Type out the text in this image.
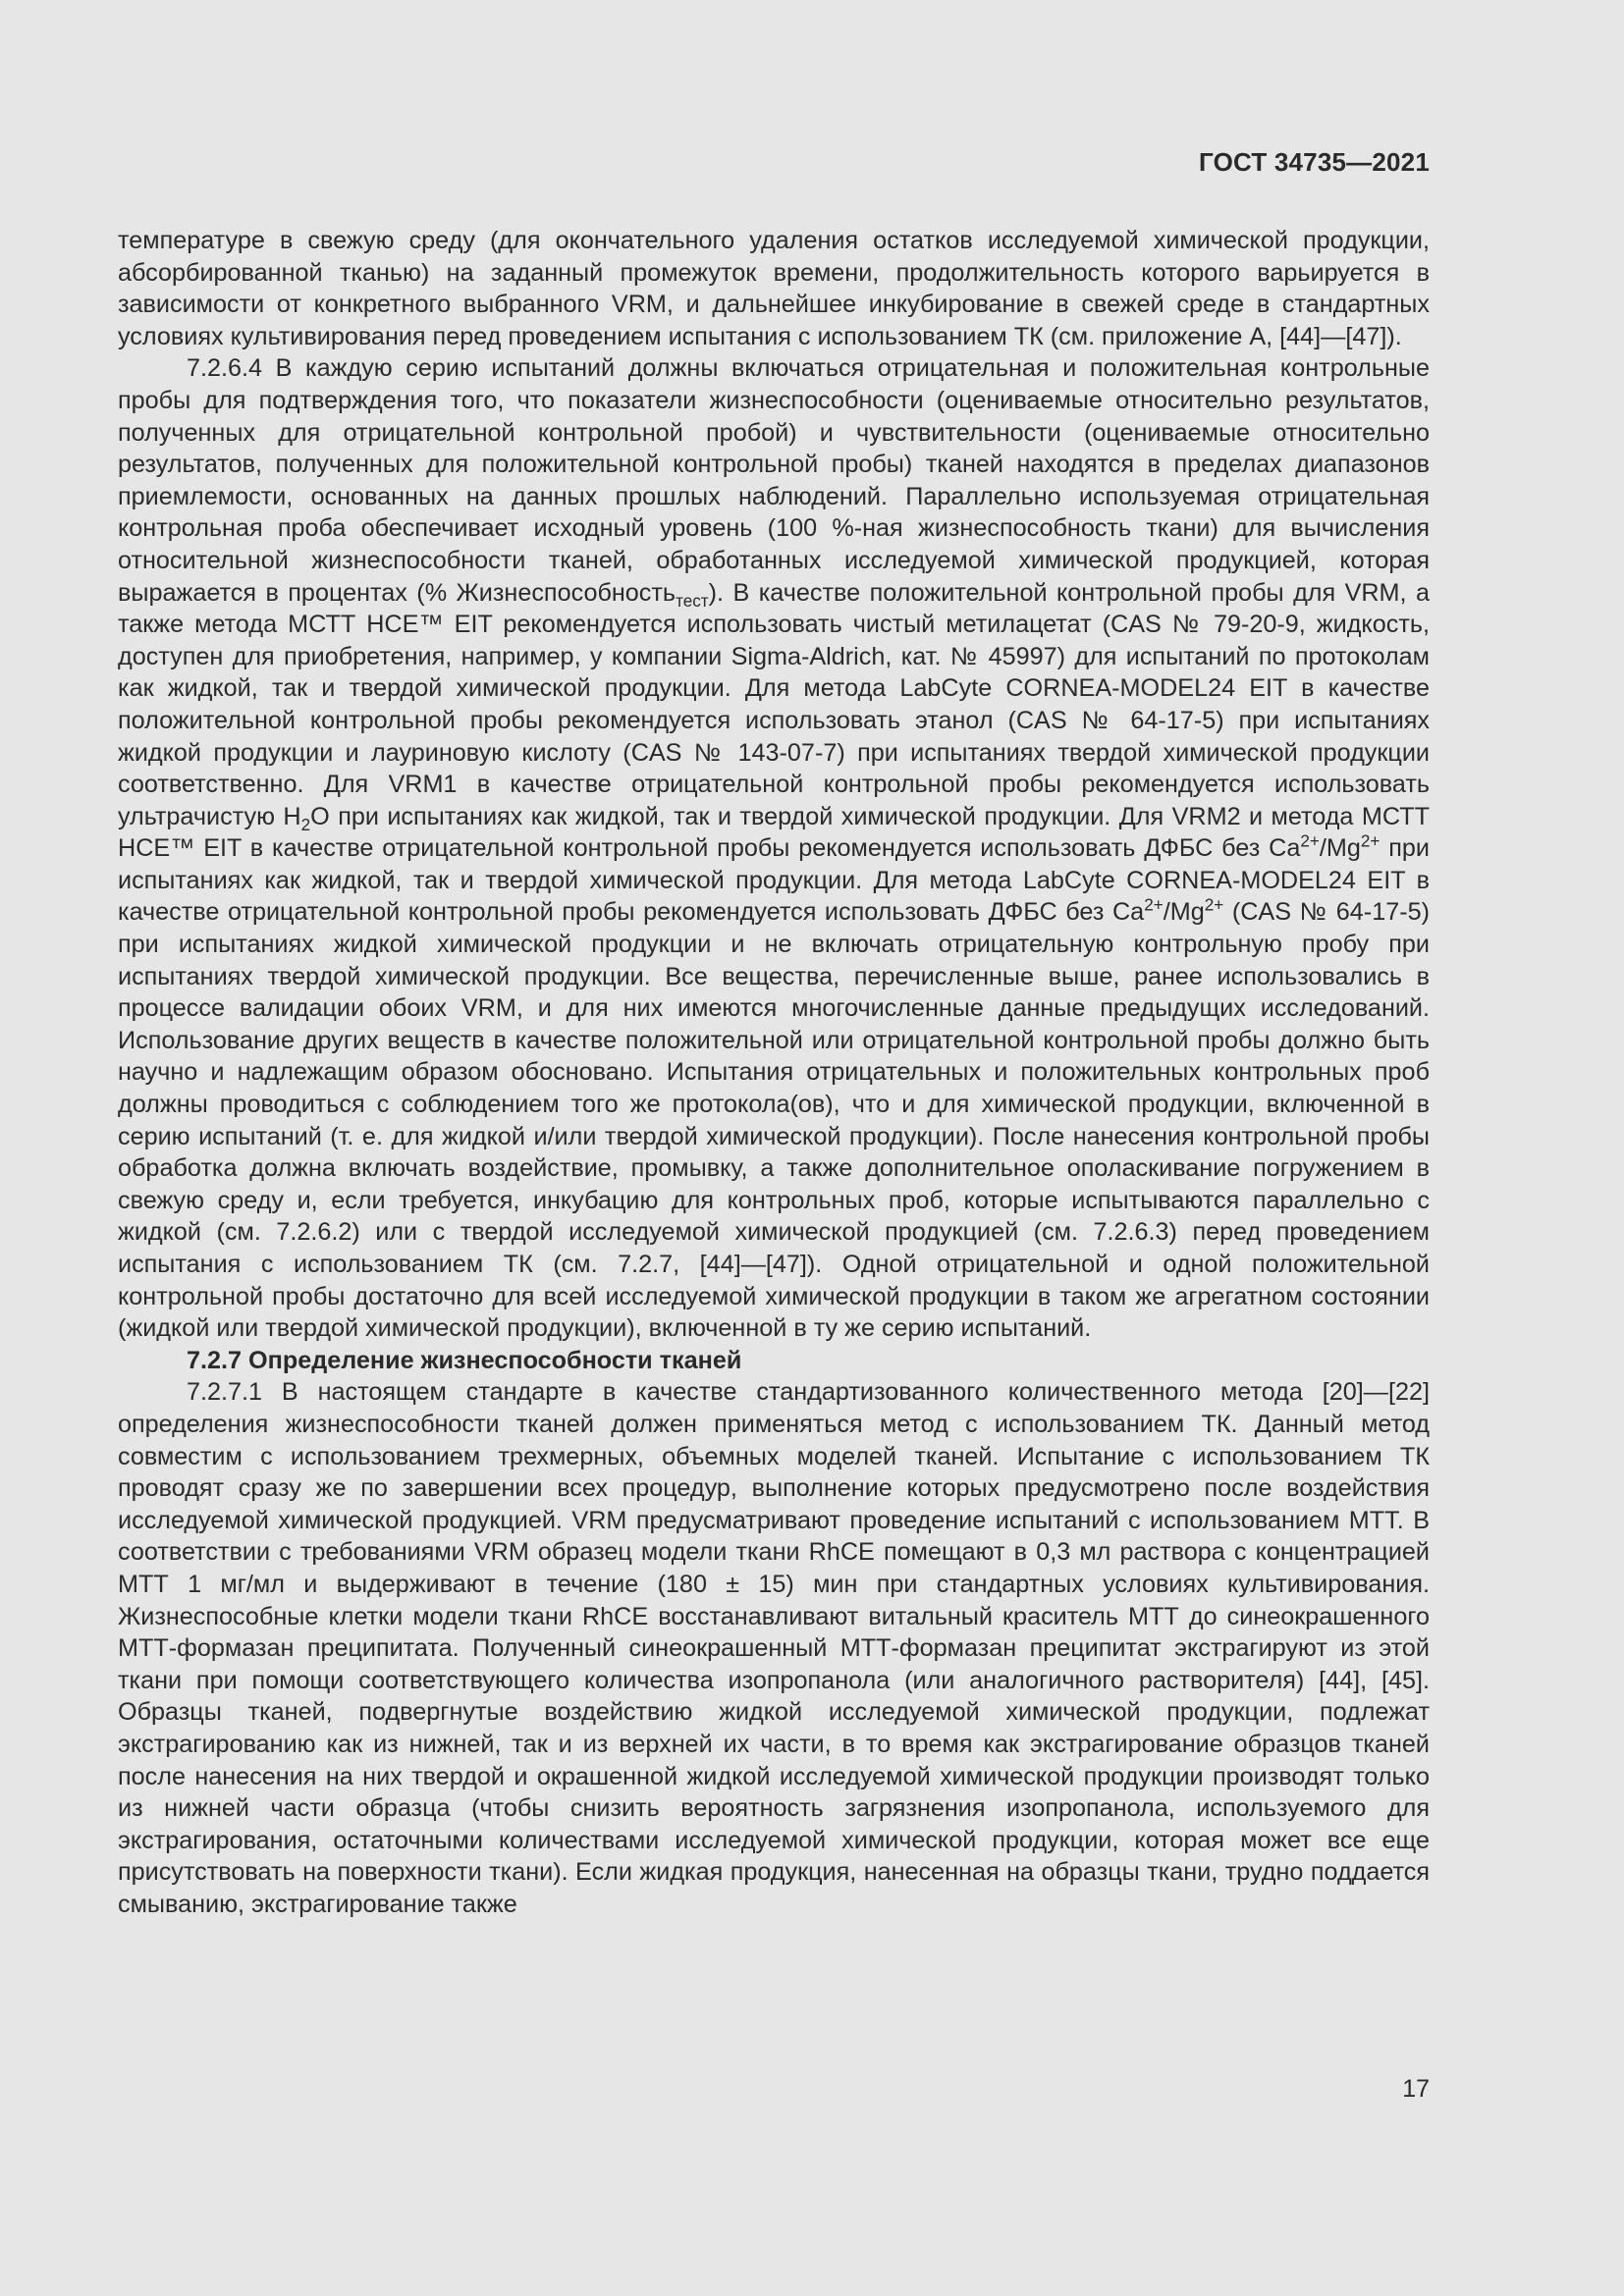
ГОСТ 34735—2021

температуре в свежую среду (для окончательного удаления остатков исследуемой химической продукции, абсорбированной тканью) на заданный промежуток времени, продолжительность которого варьируется в зависимости от конкретного выбранного VRM, и дальнейшее инкубирование в свежей среде в стандартных условиях культивирования перед проведением испытания с использованием ТК (см. приложение А, [44]—[47]).

7.2.6.4 В каждую серию испытаний должны включаться отрицательная и положительная контрольные пробы для подтверждения того, что показатели жизнеспособности (оцениваемые относительно результатов, полученных для отрицательной контрольной пробой) и чувствительности (оцениваемые относительно результатов, полученных для положительной контрольной пробы) тканей находятся в пределах диапазонов приемлемости, основанных на данных прошлых наблюдений. Параллельно используемая отрицательная контрольная проба обеспечивает исходный уровень (100 %-ная жизнеспособность ткани) для вычисления относительной жизнеспособности тканей, обработанных исследуемой химической продукцией, которая выражается в процентах (% Жизнеспособность$_{тест}$). В качестве положительной контрольной пробы для VRM, а также метода МСТТ HCE™ EIT рекомендуется использовать чистый метилацетат (CAS № 79-20-9, жидкость, доступен для приобретения, например, у компании Sigma-Aldrich, кат. № 45997) для испытаний по протоколам как жидкой, так и твердой химической продукции. Для метода LabCyte CORNEA-MODEL24 EIT в качестве положительной контрольной пробы рекомендуется использовать этанол (CAS № 64-17-5) при испытаниях жидкой продукции и лауриновую кислоту (CAS № 143-07-7) при испытаниях твердой химической продукции соответственно. Для VRM1 в качестве отрицательной контрольной пробы рекомендуется использовать ультрачистую $H_2O$ при испытаниях как жидкой, так и твердой химической продукции. Для VRM2 и метода МСТТ HCE™ EIT в качестве отрицательной контрольной пробы рекомендуется использовать ДФБС без $Ca^{2+}/Mg^{2+}$ при испытаниях как жидкой, так и твердой химической продукции. Для метода LabCyte CORNEA-MODEL24 EIT в качестве отрицательной контрольной пробы рекомендуется использовать ДФБС без $Ca^{2+}/Mg^{2+}$ (CAS № 64-17-5) при испытаниях жидкой химической продукции и не включать отрицательную контрольную пробу при испытаниях твердой химической продукции. Все вещества, перечисленные выше, ранее использовались в процессе валидации обоих VRM, и для них имеются многочисленные данные предыдущих исследований. Использование других веществ в качестве положительной или отрицательной контрольной пробы должно быть научно и надлежащим образом обосновано. Испытания отрицательных и положительных контрольных проб должны проводиться с соблюдением того же протокола(ов), что и для химической продукции, включенной в серию испытаний (т. е. для жидкой и/или твердой химической продукции). После нанесения контрольной пробы обработка должна включать воздействие, промывку, а также дополнительное ополаскивание погружением в свежую среду и, если требуется, инкубацию для контрольных проб, которые испытываются параллельно с жидкой (см. 7.2.6.2) или с твердой исследуемой химической продукцией (см. 7.2.6.3) перед проведением испытания с использованием ТК (см. 7.2.7, [44]—[47]). Одной отрицательной и одной положительной контрольной пробы достаточно для всей исследуемой химической продукции в таком же агрегатном состоянии (жидкой или твердой химической продукции), включенной в ту же серию испытаний.

7.2.7 Определение жизнеспособности тканей

7.2.7.1 В настоящем стандарте в качестве стандартизованного количественного метода [20]—[22] определения жизнеспособности тканей должен применяться метод с использованием ТК. Данный метод совместим с использованием трехмерных, объемных моделей тканей. Испытание с использованием ТК проводят сразу же по завершении всех процедур, выполнение которых предусмотрено после воздействия исследуемой химической продукцией. VRM предусматривают проведение испытаний с использованием МТТ. В соответствии с требованиями VRM образец модели ткани RhCE помещают в 0,3 мл раствора с концентрацией МТТ 1 мг/мл и выдерживают в течение (180 ± 15) мин при стандартных условиях культивирования. Жизнеспособные клетки модели ткани RhCE восстанавливают витальный краситель МТТ до синеокрашенного МТТ-формазан преципитата. Полученный синеокрашенный МТТ-формазан преципитат экстрагируют из этой ткани при помощи соответствующего количества изопропанола (или аналогичного растворителя) [44], [45]. Образцы тканей, подвергнутые воздействию жидкой исследуемой химической продукции, подлежат экстрагированию как из нижней, так и из верхней их части, в то время как экстрагирование образцов тканей после нанесения на них твердой и окрашенной жидкой исследуемой химической продукции производят только из нижней части образца (чтобы снизить вероятность загрязнения изопропанола, используемого для экстрагирования, остаточными количествами исследуемой химической продукции, которая может все еще присутствовать на поверхности ткани). Если жидкая продукция, нанесенная на образцы ткани, трудно поддается смыванию, экстрагирование также

17
